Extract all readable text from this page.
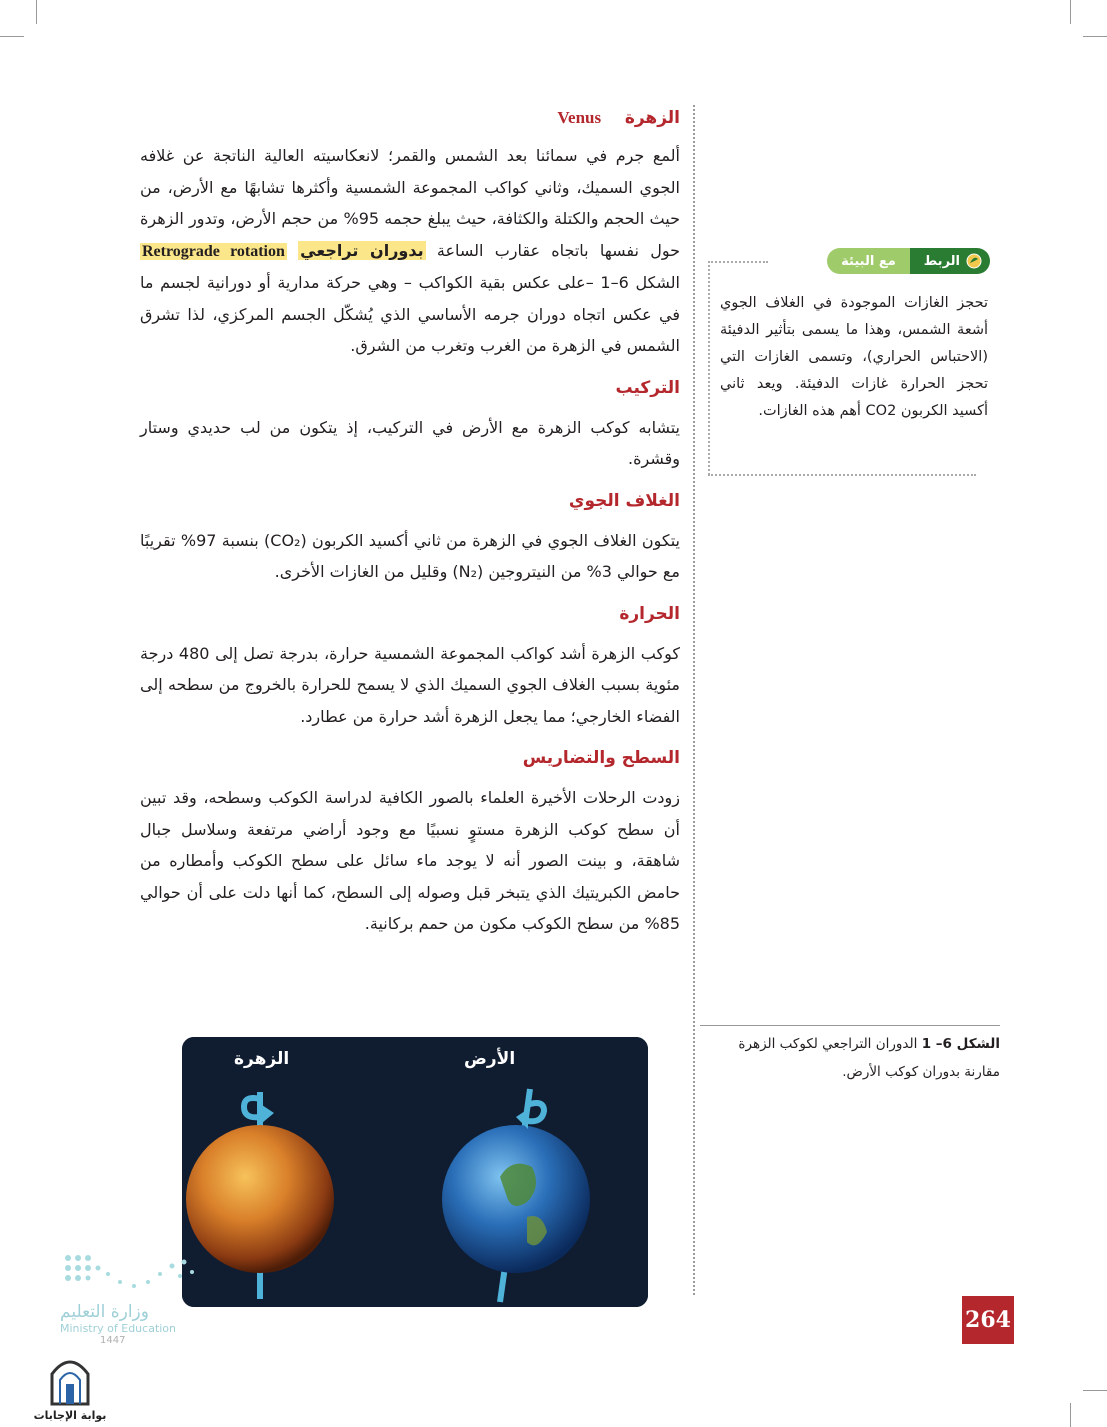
الزهرة    Venus

ألمع جرم في سمائنا بعد الشمس والقمر؛ لانعكاسيته العالية الناتجة عن غلافه الجوي السميك، وثاني كواكب المجموعة الشمسية وأكثرها تشابهًا مع الأرض، من حيث الحجم والكتلة والكثافة، حيث يبلغ حجمه 95% من حجم الأرض، وتدور الزهرة حول نفسها باتجاه عقارب الساعة بدوران تراجعي Retrograde rotation الشكل 6–1 –على عكس بقية الكواكب – وهي حركة مدارية أو دورانية لجسم ما في عكس اتجاه دوران جرمه الأساسي الذي يُشكّل الجسم المركزي، لذا تشرق الشمس في الزهرة من الغرب وتغرب من الشرق.

التركيب

يتشابه كوكب الزهرة مع الأرض في التركيب، إذ يتكون من لب حديدي وستار وقشرة.

الغلاف الجوي

يتكون الغلاف الجوي في الزهرة من ثاني أكسيد الكربون (CO₂) بنسبة 97% تقريبًا مع حوالي 3% من النيتروجين (N₂) وقليل من الغازات الأخرى.

الحرارة

كوكب الزهرة أشد كواكب المجموعة الشمسية حرارة، بدرجة تصل إلى 480 درجة مئوية بسبب الغلاف الجوي السميك الذي لا يسمح للحرارة بالخروج من سطحه إلى الفضاء الخارجي؛ مما يجعل الزهرة أشد حرارة من عطارد.

السطح والتضاريس

زودت الرحلات الأخيرة العلماء بالصور الكافية لدراسة الكوكب وسطحه، وقد تبين أن سطح كوكب الزهرة مستوٍ نسبيًا مع وجود أراضي مرتفعة وسلاسل جبال شاهقة، و بينت الصور أنه لا يوجد ماء سائل على سطح الكوكب وأمطاره من حامض الكبريتيك الذي يتبخر قبل وصوله إلى السطح، كما أنها دلت على أن حوالي 85% من سطح الكوكب مكون من حمم بركانية.

الربط
مع البيئة
تحجز الغازات الموجودة في الغلاف الجوي أشعة الشمس، وهذا ما يسمى بتأثير الدفيئة (الاحتباس الحراري)، وتسمى الغازات التي تحجز الحرارة غازات الدفيئة. ويعد ثاني أكسيد الكربون CO2 أهم هذه الغازات.
الشكل 6– 1 الدوران التراجعي لكوكب الزهرة مقارنة بدوران كوكب الأرض.
الزهرة	الأرض
264
وزارة التعليم
Ministry of Education
1447
بوابة الإجابات
